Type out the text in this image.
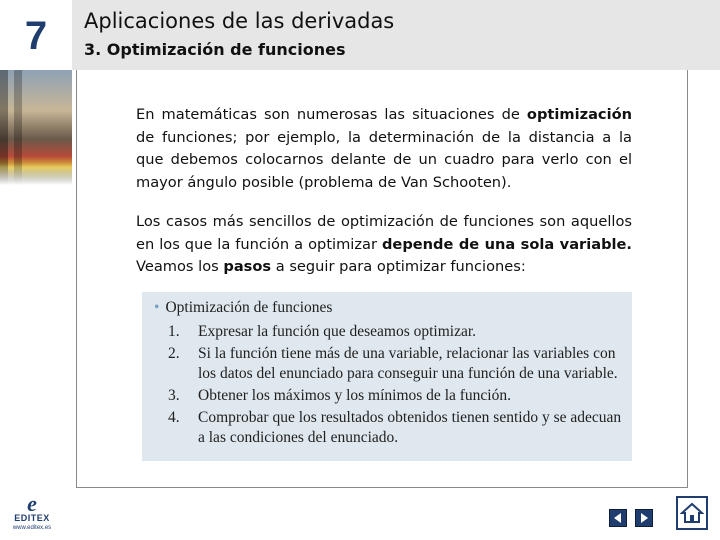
7	Aplicaciones de las derivadas
3. Optimización de funciones
En matemáticas son numerosas las situaciones de optimización de funciones; por ejemplo, la determinación de la distancia a la que debemos colocarnos delante de un cuadro para verlo con el mayor ángulo posible (problema de Van Schooten).
Los casos más sencillos de optimización de funciones son aquellos en los que la función a optimizar depende de una sola variable. Veamos los pasos a seguir para optimizar funciones:
• Optimización de funciones
1.	Expresar la función que deseamos optimizar.
2.	Si la función tiene más de una variable, relacionar las variables con los datos del enunciado para conseguir una función de una variable.
3.	Obtener los máximos y los mínimos de la función.
4.	Comprobar que los resultados obtenidos tienen sentido y se adecuan a las condiciones del enunciado.
e
EDITEX
www.editex.es
